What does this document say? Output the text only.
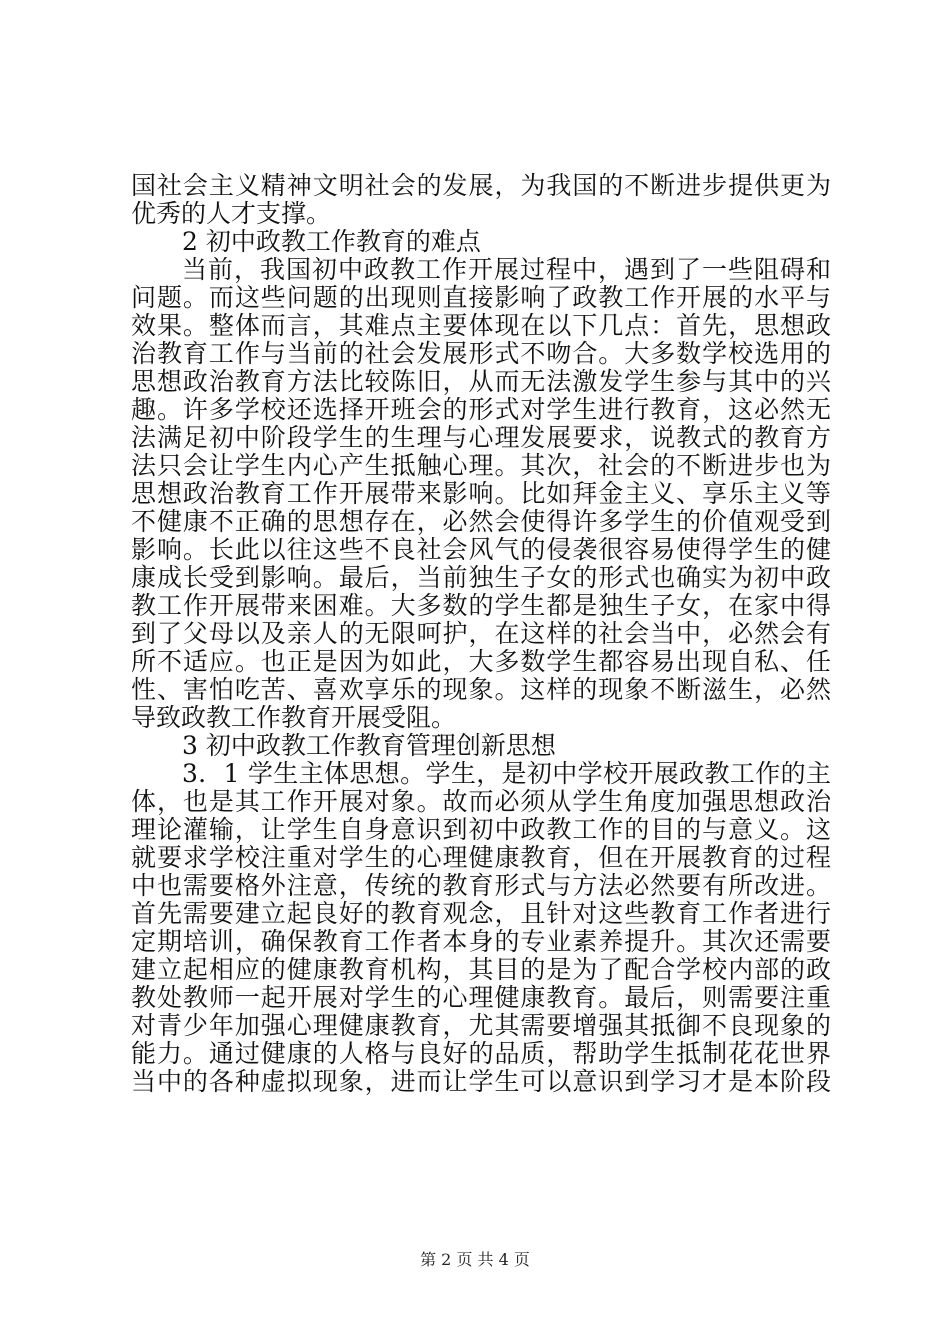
国社会主义精神文明社会的发展，为我国的不断进步提供更为
优秀的人才支撑。
2 初中政教工作教育的难点
当前，我国初中政教工作开展过程中，遇到了一些阻碍和
问题。而这些问题的出现则直接影响了政教工作开展的水平与
效果。整体而言，其难点主要体现在以下几点：首先，思想政
治教育工作与当前的社会发展形式不吻合。大多数学校选用的
思想政治教育方法比较陈旧，从而无法激发学生参与其中的兴
趣。许多学校还选择开班会的形式对学生进行教育，这必然无
法满足初中阶段学生的生理与心理发展要求，说教式的教育方
法只会让学生内心产生抵触心理。其次，社会的不断进步也为
思想政治教育工作开展带来影响。比如拜金主义、享乐主义等
不健康不正确的思想存在，必然会使得许多学生的价值观受到
影响。长此以往这些不良社会风气的侵袭很容易使得学生的健
康成长受到影响。最后，当前独生子女的形式也确实为初中政
教工作开展带来困难。大多数的学生都是独生子女，在家中得
到了父母以及亲人的无限呵护，在这样的社会当中，必然会有
所不适应。也正是因为如此，大多数学生都容易出现自私、任
性、害怕吃苦、喜欢享乐的现象。这样的现象不断滋生，必然
导致政教工作教育开展受阻。
3 初中政教工作教育管理创新思想
3．1 学生主体思想。学生，是初中学校开展政教工作的主
体，也是其工作开展对象。故而必须从学生角度加强思想政治
理论灌输，让学生自身意识到初中政教工作的目的与意义。这
就要求学校注重对学生的心理健康教育，但在开展教育的过程
中也需要格外注意，传统的教育形式与方法必然要有所改进。
首先需要建立起良好的教育观念，且针对这些教育工作者进行
定期培训，确保教育工作者本身的专业素养提升。其次还需要
建立起相应的健康教育机构，其目的是为了配合学校内部的政
教处教师一起开展对学生的心理健康教育。最后，则需要注重
对青少年加强心理健康教育，尤其需要增强其抵御不良现象的
能力。通过健康的人格与良好的品质，帮助学生抵制花花世界
当中的各种虚拟现象，进而让学生可以意识到学习才是本阶段
第 2 页 共 4 页
